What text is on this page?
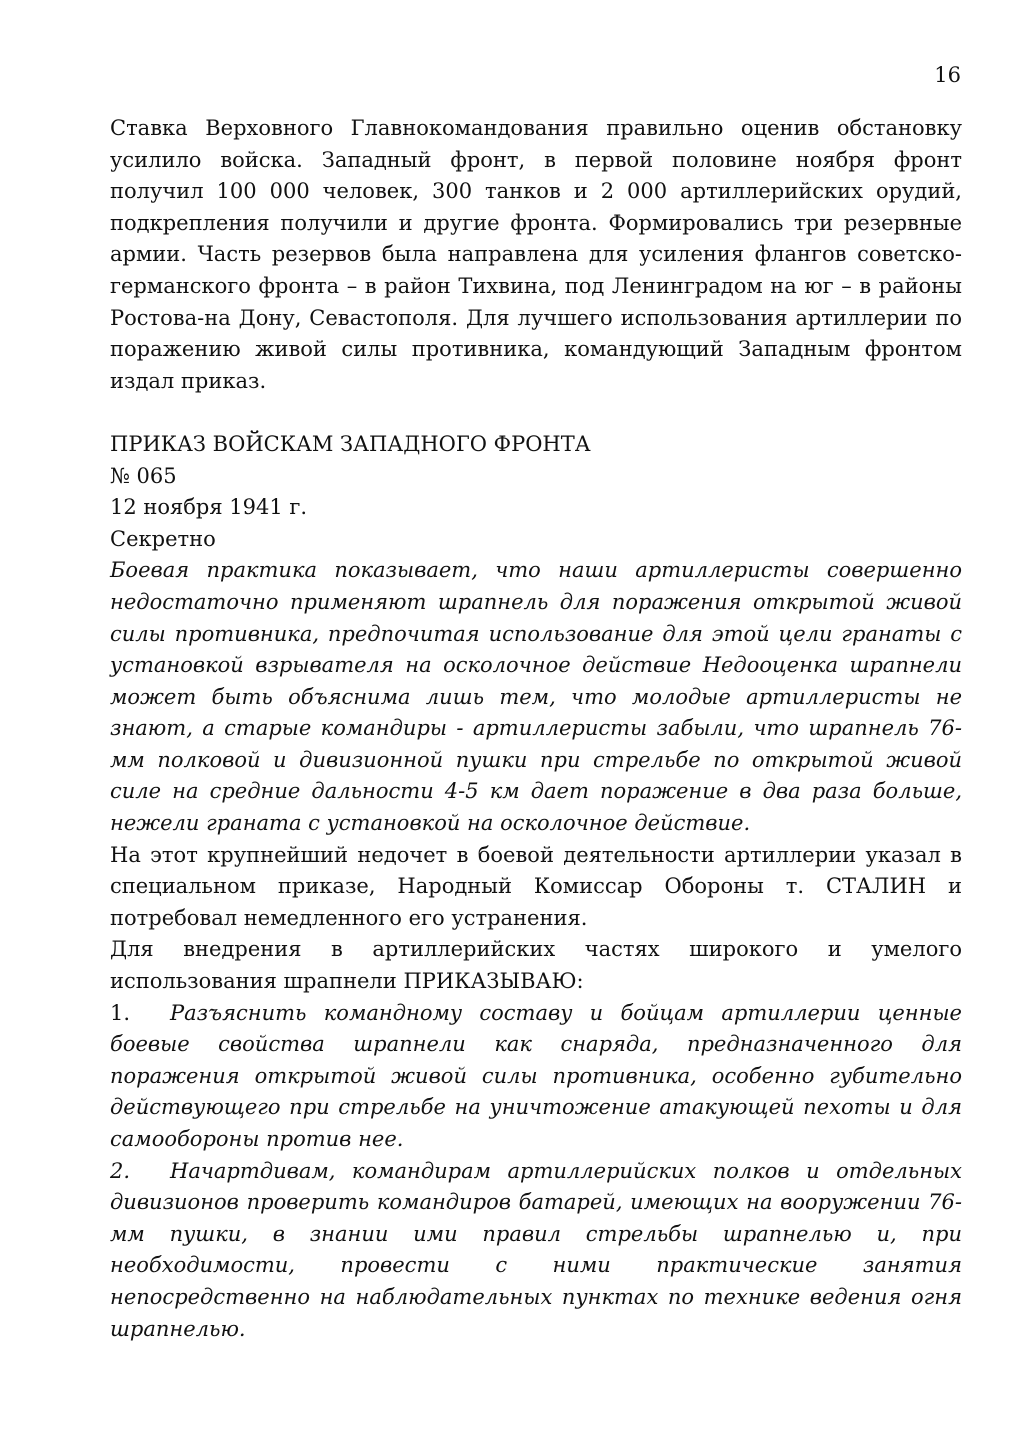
16

Ставка Верховного Главнокомандования правильно оценив обстановку усилило войска. Западный фронт, в первой половине ноября фронт получил 100 000 человек, 300 танков и 2 000 артиллерийских орудий, подкрепления получили и другие фронта. Формировались три резервные армии. Часть резервов была направлена для усиления флангов советско-германского фронта – в район Тихвина, под Ленинградом на юг – в районы Ростова-на Дону, Севастополя. Для лучшего использования артиллерии по поражению живой силы противника, командующий Западным фронтом издал приказ.

ПРИКАЗ ВОЙСКАМ ЗАПАДНОГО ФРОНТА

№ 065

12 ноября 1941 г.

Секретно

Боевая практика показывает, что наши артиллеристы совершенно недостаточно применяют шрапнель для поражения открытой живой силы противника, предпочитая использование для этой цели гранаты с установкой взрывателя на осколочное действие Недооценка шрапнели может быть объяснима лишь тем, что молодые артиллеристы не знают, а старые командиры - артиллеристы забыли, что шрапнель 76-мм полковой и дивизионной пушки при стрельбе по открытой живой силе на средние дальности 4-5 км дает поражение в два раза больше, нежели граната с установкой на осколочное действие.

На этот крупнейший недочет в боевой деятельности артиллерии указал в специальном приказе, Народный Комиссар Обороны т. СТАЛИН и потребовал немедленного его устранения.

Для внедрения в артиллерийских частях широкого и умелого использования шрапнели ПРИКАЗЫВАЮ:

1. Разъяснить командному составу и бойцам артиллерии ценные боевые свойства шрапнели как снаряда, предназначенного для поражения открытой живой силы противника, особенно губительно действующего при стрельбе на уничтожение атакующей пехоты и для самообороны против нее.

2. Начартдивам, командирам артиллерийских полков и отдельных дивизионов проверить командиров батарей, имеющих на вооружении 76-мм пушки, в знании ими правил стрельбы шрапнелью и, при необходимости, провести с ними практические занятия непосредственно на наблюдательных пунктах по технике ведения огня шрапнелью.
